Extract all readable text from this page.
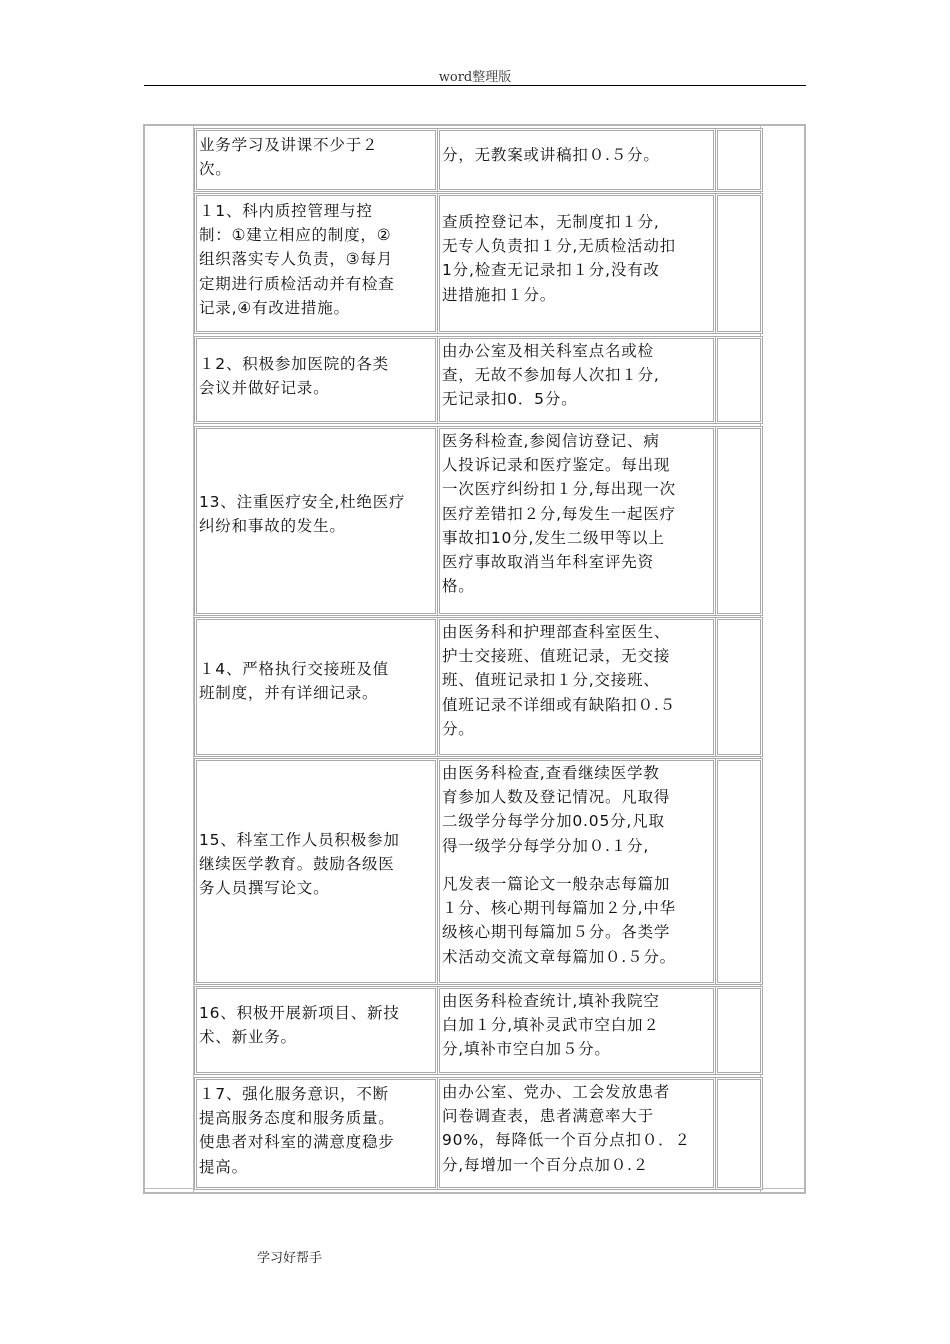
word整理版
业务学习及讲课不少于２
次。
分，无教案或讲稿扣０.５分。
１1、科内质控管理与控
制：①建立相应的制度，②
组织落实专人负责，③每月
定期进行质检活动并有检查
记录,④有改进措施。
查质控登记本，无制度扣１分,
无专人负责扣１分,无质检活动扣
1分,检查无记录扣１分,没有改
进措施扣１分。
１2、积极参加医院的各类
会议并做好记录。
由办公室及相关科室点名或检
查，无故不参加每人次扣１分,
无记录扣0．5分。
13、注重医疗安全,杜绝医疗
纠纷和事故的发生。
医务科检查,参阅信访登记、病
人投诉记录和医疗鉴定。每出现
一次医疗纠纷扣１分,每出现一次
医疗差错扣２分,每发生一起医疗
事故扣10分,发生二级甲等以上
医疗事故取消当年科室评先资
格。
１4、严格执行交接班及值
班制度，并有详细记录。
由医务科和护理部查科室医生、
护士交接班、值班记录，无交接
班、值班记录扣１分,交接班、
值班记录不详细或有缺陷扣０.５
分。
15、科室工作人员积极参加
继续医学教育。鼓励各级医
务人员撰写论文。
由医务科检查,查看继续医学教
育参加人数及登记情况。凡取得
二级学分每学分加0.05分,凡取
得一级学分每学分加０.１分,
凡发表一篇论文一般杂志每篇加
１分、核心期刊每篇加２分,中华
级核心期刊每篇加５分。各类学
术活动交流文章每篇加０.５分。
16、积极开展新项目、新技
术、新业务。
由医务科检查统计,填补我院空
白加１分,填补灵武市空白加２
分,填补市空白加５分。
１7、强化服务意识，不断
提高服务态度和服务质量。
使患者对科室的满意度稳步
提高。
由办公室、党办、工会发放患者
问卷调查表，患者满意率大于
90%，每降低一个百分点扣０．２
分,每增加一个百分点加０.２
学习好帮手
